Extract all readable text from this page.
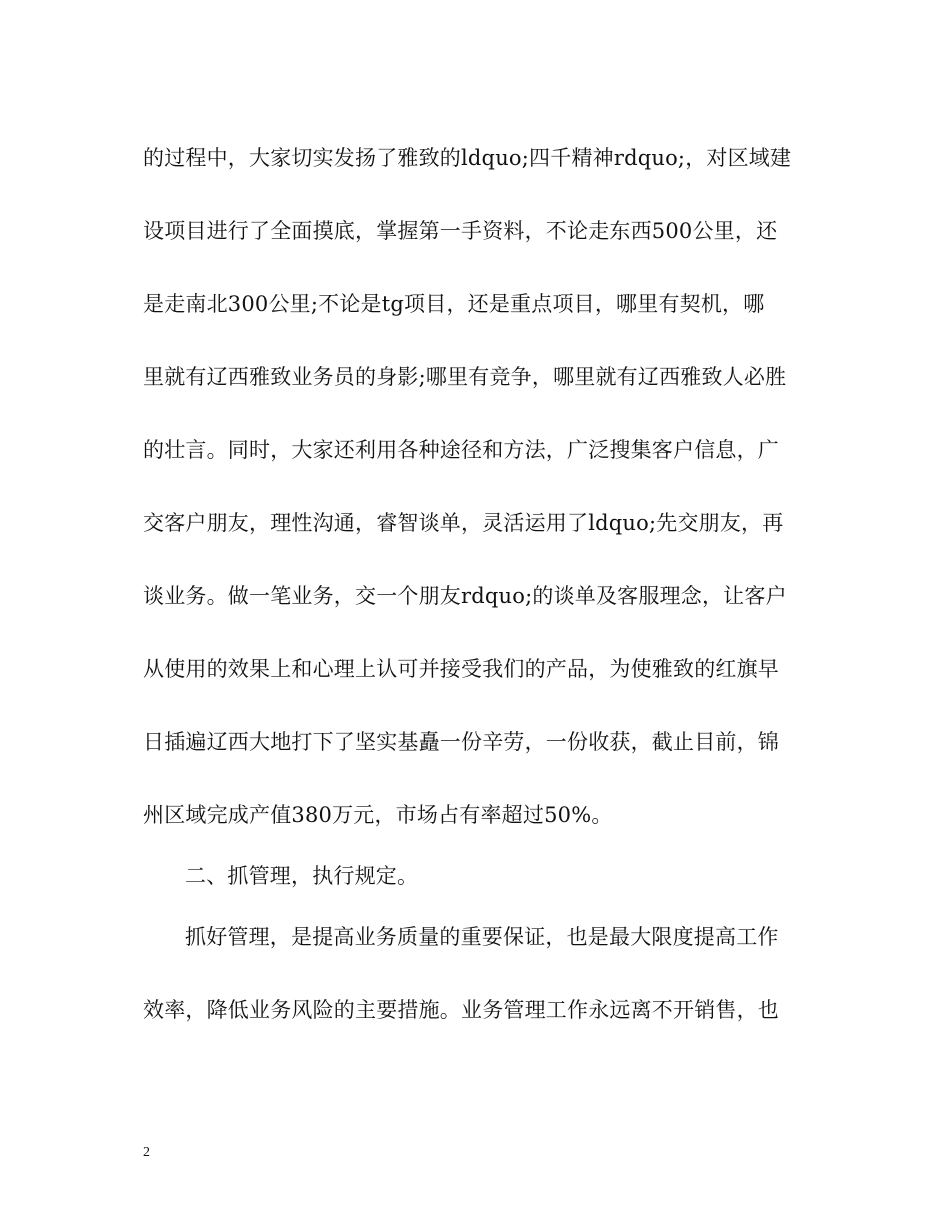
的过程中，大家切实发扬了雅致的ldquo;四千精神rdquo;，对区域建
设项目进行了全面摸底，掌握第一手资料，不论走东西500公里，还
是走南北300公里;不论是tg项目，还是重点项目，哪里有契机，哪
里就有辽西雅致业务员的身影;哪里有竞争，哪里就有辽西雅致人必胜
的壮言。同时，大家还利用各种途径和方法，广泛搜集客户信息，广
交客户朋友，理性沟通，睿智谈单，灵活运用了ldquo;先交朋友，再
谈业务。做一笔业务，交一个朋友rdquo;的谈单及客服理念，让客户
从使用的效果上和心理上认可并接受我们的产品，为使雅致的红旗早
日插遍辽西大地打下了坚实基矗一份辛劳，一份收获，截止目前，锦
州区域完成产值380万元，市场占有率超过50%。
二、抓管理，执行规定。
抓好管理，是提高业务质量的重要保证，也是最大限度提高工作
效率，降低业务风险的主要措施。业务管理工作永远离不开销售，也
2
